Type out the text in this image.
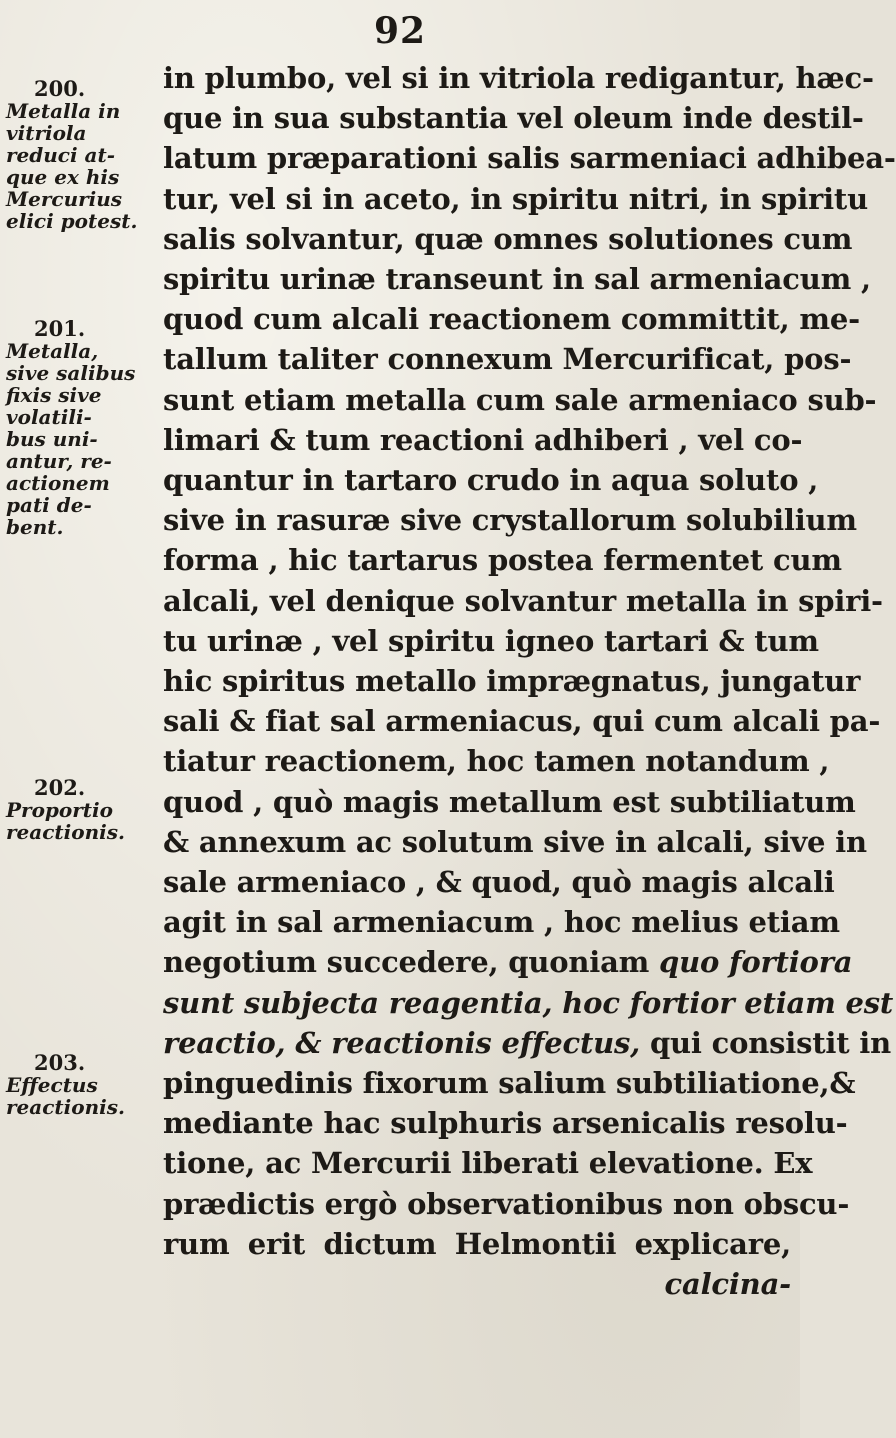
92
in plumbo, vel si in vitriola redigantur, hæc-
que in sua substantia vel oleum inde destil-
latum præparationi salis sarmeniaci adhibea-
tur, vel si in aceto, in spiritu nitri, in spiritu
salis solvantur, quæ omnes solutiones cum
spiritu urinæ transeunt in sal armeniacum ,
quod cum alcali reactionem committit, me-
tallum taliter connexum Mercurificat, pos-
sunt etiam metalla cum sale armeniaco sub-
limari & tum reactioni adhiberi , vel co-
quantur in tartaro crudo in aqua soluto ,
sive in rasuræ sive crystallorum solubilium
forma , hic tartarus postea fermentet cum
alcali, vel denique solvantur metalla in spiri-
tu urinæ , vel spiritu igneo tartari & tum
hic spiritus metallo imprægnatus, jungatur
sali & fiat sal armeniacus, qui cum alcali pa-
tiatur reactionem, hoc tamen notandum ,
quod , quò magis metallum est subtiliatum
& annexum ac solutum sive in alcali, sive in
sale armeniaco , & quod, quò magis alcali
agit in sal armeniacum , hoc melius etiam
negotium succedere, quoniam quo fortiora
sunt subjecta reagentia, hoc fortior etiam est
reactio, & reactionis effectus, qui consistit in
pinguedinis fixorum salium subtiliatione,&
mediante hac sulphuris arsenicalis resolu-
tione, ac Mercurii liberati elevatione. Ex
prædictis ergò observationibus non obscu-
rum erit dictum Helmontii explicare,
calcina-
200.
Metalla in
vitriola
reduci at-
que ex his
Mercurius
elici potest.
201.
Metalla,
sive salibus
fixis sive
volatili-
bus uni-
antur, re-
actionem
pati de-
bent.
202.
Proportio
reactionis.
203.
Effectus
reactionis.
